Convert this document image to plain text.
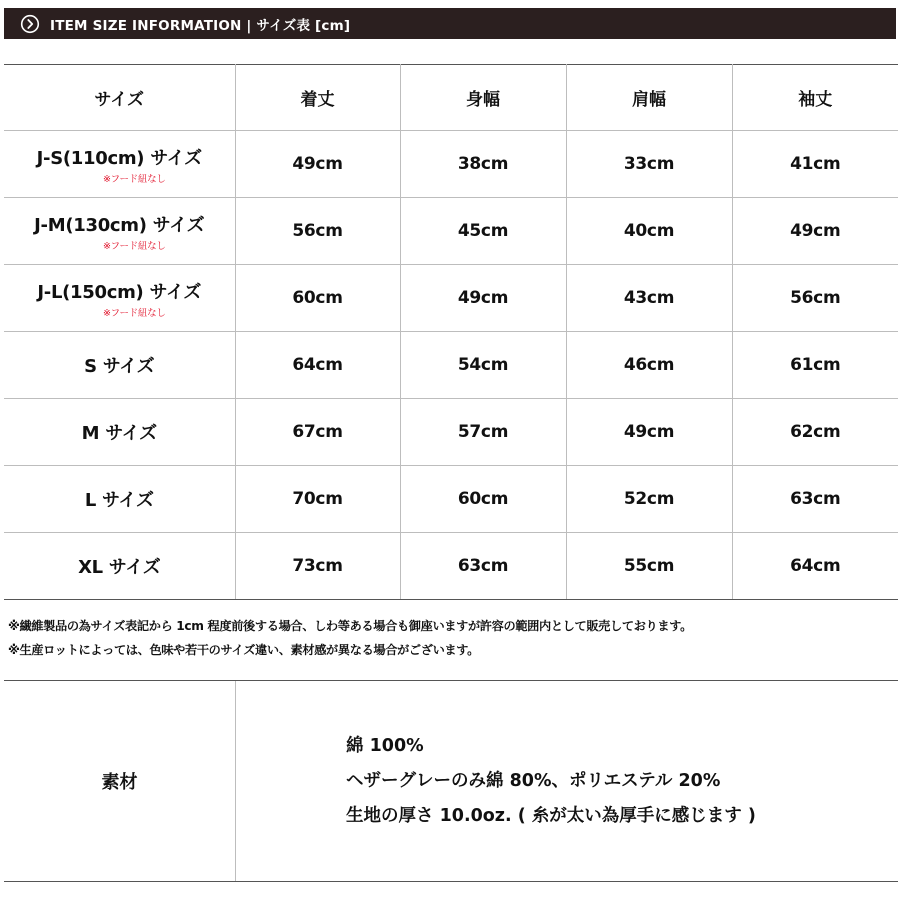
ITEM SIZE INFORMATION | サイズ表 [cm]
サイズ	着丈	身幅	肩幅	袖丈

J-S(110cm) サイズ
※フード紐なし	49cm	38cm	33cm	41cm

J-M(130cm) サイズ
※フード紐なし	56cm	45cm	40cm	49cm

J-L(150cm) サイズ
※フード紐なし	60cm	49cm	43cm	56cm

S サイズ	64cm	54cm	46cm	61cm

M サイズ	67cm	57cm	49cm	62cm

L サイズ	70cm	60cm	52cm	63cm

XL サイズ	73cm	63cm	55cm	64cm
※繊維製品の為サイズ表記から 1cm 程度前後する場合、しわ等ある場合も御座いますが許容の範囲内として販売しております。
※生産ロットによっては、色味や若干のサイズ違い、素材感が異なる場合がございます。
素材
綿 100%
ヘザーグレーのみ綿 80%、ポリエステル 20%
生地の厚さ 10.0oz. ( 糸が太い為厚手に感じます )
